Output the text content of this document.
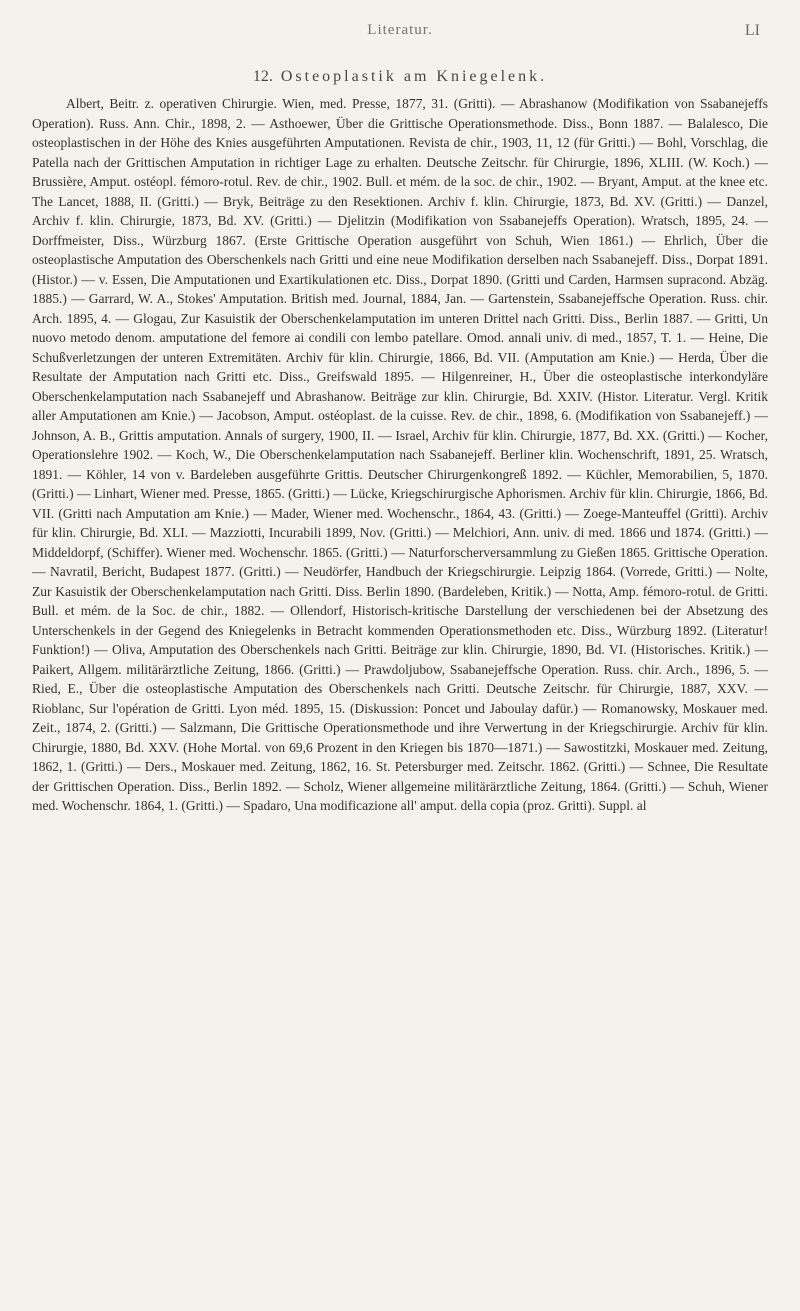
Literatur.	LI
12. Osteoplastik am Kniegelenk.

Albert, Beitr. z. operativen Chirurgie. Wien, med. Presse, 1877, 31. (Gritti). — Abrashanow (Modifikation von Ssabanejeffs Operation). Russ. Ann. Chir., 1898, 2. — Asthoewer, Über die Grittische Operationsmethode. Diss., Bonn 1887. — Balalesco, Die osteoplastischen in der Höhe des Knies ausgeführten Amputationen. Revista de chir., 1903, 11, 12 (für Gritti.) — Bohl, Vorschlag, die Patella nach der Grittischen Amputation in richtiger Lage zu erhalten. Deutsche Zeitschr. für Chirurgie, 1896, XLIII. (W. Koch.) — Brussière, Amput. ostéopl. fémoro-rotul. Rev. de chir., 1902. Bull. et mém. de la soc. de chir., 1902. — Bryant, Amput. at the knee etc. The Lancet, 1888, II. (Gritti.) — Bryk, Beiträge zu den Resektionen. Archiv f. klin. Chirurgie, 1873, Bd. XV. (Gritti.) — Danzel, Archiv f. klin. Chirurgie, 1873, Bd. XV. (Gritti.) — Djelitzin (Modifikation von Ssabanejeffs Operation). Wratsch, 1895, 24. — Dorffmeister, Diss., Würzburg 1867. (Erste Grittische Operation ausgeführt von Schuh, Wien 1861.) — Ehrlich, Über die osteoplastische Amputation des Oberschenkels nach Gritti und eine neue Modifikation derselben nach Ssabanejeff. Diss., Dorpat 1891. (Histor.) — v. Essen, Die Amputationen und Exartikulationen etc. Diss., Dorpat 1890. (Gritti und Carden, Harmsen supracond. Abzäg. 1885.) — Garrard, W. A., Stokes' Amputation. British med. Journal, 1884, Jan. — Gartenstein, Ssabanejeffsche Operation. Russ. chir. Arch. 1895, 4. — Glogau, Zur Kasuistik der Oberschenkelamputation im unteren Drittel nach Gritti. Diss., Berlin 1887. — Gritti, Un nuovo metodo denom. amputatione del femore ai condili con lembo patellare. Omod. annali univ. di med., 1857, T. 1. — Heine, Die Schußverletzungen der unteren Extremitäten. Archiv für klin. Chirurgie, 1866, Bd. VII. (Amputation am Knie.) — Herda, Über die Resultate der Amputation nach Gritti etc. Diss., Greifswald 1895. — Hilgenreiner, H., Über die osteoplastische interkondyläre Oberschenkelamputation nach Ssabanejeff und Abrashanow. Beiträge zur klin. Chirurgie, Bd. XXIV. (Histor. Literatur. Vergl. Kritik aller Amputationen am Knie.) — Jacobson, Amput. ostéoplast. de la cuisse. Rev. de chir., 1898, 6. (Modifikation von Ssabanejeff.) — Johnson, A. B., Grittis amputation. Annals of surgery, 1900, II. — Israel, Archiv für klin. Chirurgie, 1877, Bd. XX. (Gritti.) — Kocher, Operationslehre 1902. — Koch, W., Die Oberschenkelamputation nach Ssabanejeff. Berliner klin. Wochenschrift, 1891, 25. Wratsch, 1891. — Köhler, 14 von v. Bardeleben ausgeführte Grittis. Deutscher Chirurgenkongreß 1892. — Küchler, Memorabilien, 5, 1870. (Gritti.) — Linhart, Wiener med. Presse, 1865. (Gritti.) — Lücke, Kriegschirurgische Aphorismen. Archiv für klin. Chirurgie, 1866, Bd. VII. (Gritti nach Amputation am Knie.) — Mader, Wiener med. Wochenschr., 1864, 43. (Gritti.) — Zoege-Manteuffel (Gritti). Archiv für klin. Chirurgie, Bd. XLI. — Mazziotti, Incurabili 1899, Nov. (Gritti.) — Melchiori, Ann. univ. di med. 1866 und 1874. (Gritti.) — Middeldorpf, (Schiffer). Wiener med. Wochenschr. 1865. (Gritti.) — Naturforscherversammlung zu Gießen 1865. Grittische Operation. — Navratil, Bericht, Budapest 1877. (Gritti.) — Neudörfer, Handbuch der Kriegschirurgie. Leipzig 1864. (Vorrede, Gritti.) — Nolte, Zur Kasuistik der Oberschenkelamputation nach Gritti. Diss. Berlin 1890. (Bardeleben, Kritik.) — Notta, Amp. fémoro-rotul. de Gritti. Bull. et mém. de la Soc. de chir., 1882. — Ollendorf, Historisch-kritische Darstellung der verschiedenen bei der Absetzung des Unterschenkels in der Gegend des Kniegelenks in Betracht kommenden Operationsmethoden etc. Diss., Würzburg 1892. (Literatur! Funktion!) — Oliva, Amputation des Oberschenkels nach Gritti. Beiträge zur klin. Chirurgie, 1890, Bd. VI. (Historisches. Kritik.) — Paikert, Allgem. militärärztliche Zeitung, 1866. (Gritti.) — Prawdoljubow, Ssabanejeffsche Operation. Russ. chir. Arch., 1896, 5. — Ried, E., Über die osteoplastische Amputation des Oberschenkels nach Gritti. Deutsche Zeitschr. für Chirurgie, 1887, XXV. — Rioblanc, Sur l'opération de Gritti. Lyon méd. 1895, 15. (Diskussion: Poncet und Jaboulay dafür.) — Romanowsky, Moskauer med. Zeit., 1874, 2. (Gritti.) — Salzmann, Die Grittische Operationsmethode und ihre Verwertung in der Kriegschirurgie. Archiv für klin. Chirurgie, 1880, Bd. XXV. (Hohe Mortal. von 69,6 Prozent in den Kriegen bis 1870—1871.) — Sawostitzki, Moskauer med. Zeitung, 1862, 1. (Gritti.) — Ders., Moskauer med. Zeitung, 1862, 16. St. Petersburger med. Zeitschr. 1862. (Gritti.) — Schnee, Die Resultate der Grittischen Operation. Diss., Berlin 1892. — Scholz, Wiener allgemeine militärärztliche Zeitung, 1864. (Gritti.) — Schuh, Wiener med. Wochenschr. 1864, 1. (Gritti.) — Spadaro, Una modificazione all' amput. della copia (proz. Gritti). Suppl. al
